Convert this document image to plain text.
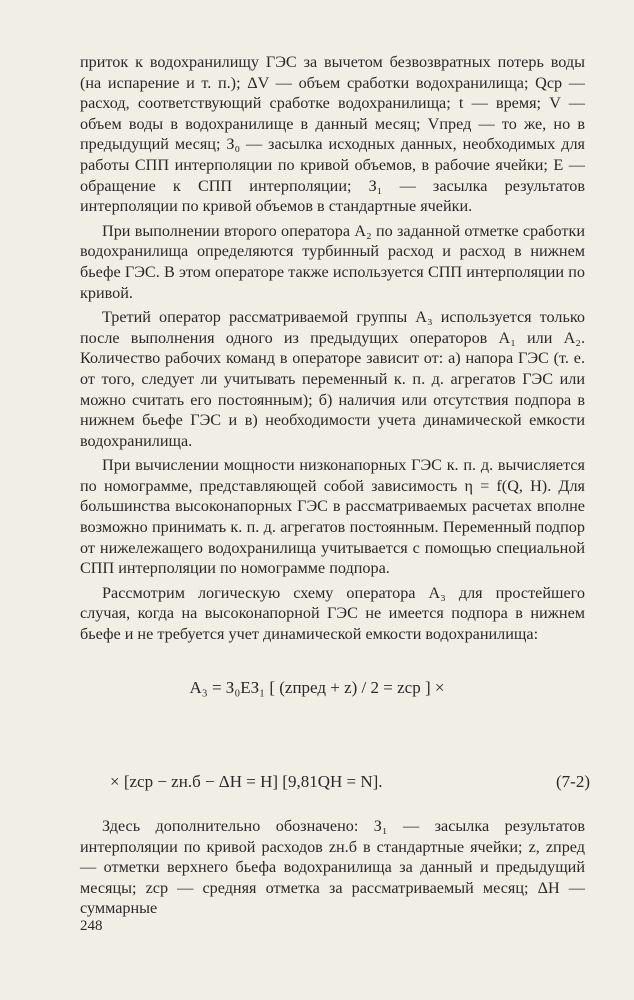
приток к водохранилищу ГЭС за вычетом безвозвратных потерь воды (на испарение и т. п.); ΔV — объем сработки водохранилища; Qср — расход, соответствующий сработке водохранилища; t — время; V — объем воды в водохранилище в данный месяц; Vпред — то же, но в предыдущий месяц; З₀ — засылка исходных данных, необходимых для работы СПП интерполяции по кривой объемов, в рабочие ячейки; E — обращение к СПП интерполяции; З₁ — засылка результатов интерполяции по кривой объемов в стандартные ячейки.

При выполнении второго оператора A₂ по заданной отметке сработки водохранилища определяются турбинный расход и расход в нижнем бьефе ГЭС. В этом операторе также используется СПП интерполяции по кривой.

Третий оператор рассматриваемой группы A₃ используется только после выполнения одного из предыдущих операторов A₁ или A₂. Количество рабочих команд в операторе зависит от: а) напора ГЭС (т. е. от того, следует ли учитывать переменный к. п. д. агрегатов ГЭС или можно считать его постоянным); б) наличия или отсутствия подпора в нижнем бьефе ГЭС и в) необходимости учета динамической емкости водохранилища.

При вычислении мощности низконапорных ГЭС к. п. д. вычисляется по номограмме, представляющей собой зависимость η = f(Q, H). Для большинства высоконапорных ГЭС в рассматриваемых расчетах вполне возможно принимать к. п. д. агрегатов постоянным. Переменный подпор от нижележащего водохранилища учитывается с помощью специальной СПП интерполяции по номограмме подпора.

Рассмотрим логическую схему оператора A₃ для простейшего случая, когда на высоконапорной ГЭС не имеется подпора в нижнем бьефе и не требуется учет динамической емкости водохранилища:

A₃ = З₀EЗ₁ [ (zпред + z) / 2 = zср ] ×
× [zср − zн.б − ΔH = H] [9,81QH = N].	(7-2)

Здесь дополнительно обозначено: З₁ — засылка результатов интерполяции по кривой расходов zн.б в стандартные ячейки; z, zпред — отметки верхнего бьефа водохранилища за данный и предыдущий месяцы; zср — средняя отметка за рассматриваемый месяц; ΔH — суммарные

248
